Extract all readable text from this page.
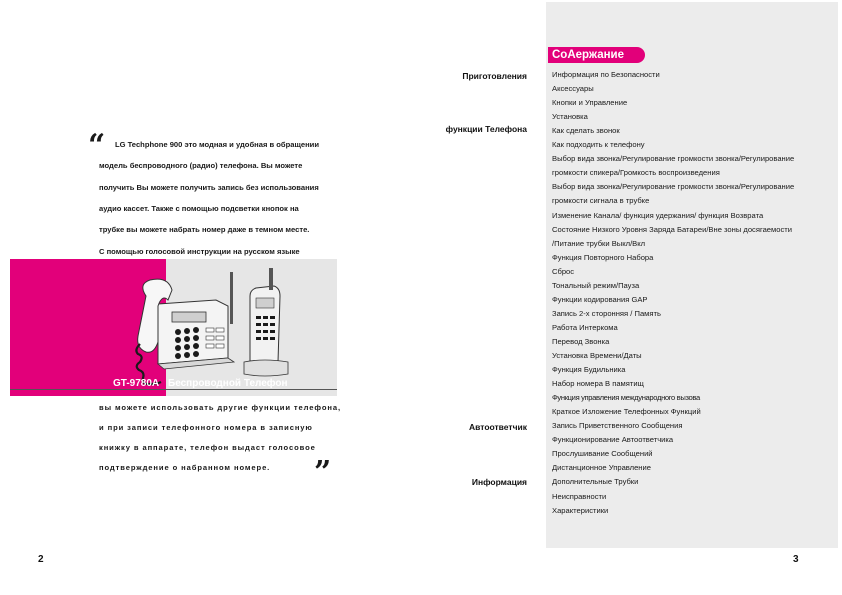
“ LG Techphone 900 это модная и удобная в обращении
модель беспроводного (радио) телефона. Вы можете
получить Вы можете получить запись без использования
аудио кассет. Также с помощью подсветки кнопок на
трубке вы можете набрать номер даже в темном месте.
С помощью голосовой инструкции на русском языке
GT-9780A Беспроводной Телефон
вы можете использовать другие функции телефона,
и при записи телефонного номера в записную
книжку в аппарате, телефон выдаст голосовое
подтверждение о набранном номере. ”
2
СоАержание
Приготовления
функции Телефона
Автоответчик
Информация
Информация по Безопасности
Аксессуары
Кнопки и Управление
Установка
Как сделать звонок
Как подходить к телефону
Выбор вида звонка/Регулирование громкости звонка/Регулирование
громкости спикера/Громкость воспроизведения
Выбор вида звонка/Регулирование громкости звонка/Регулирование
громкости сигнала в трубке
Изменение Канала/ функция удержания/ функция Возврата
Состояние Низкого Уровня Заряда Батареи/Вне зоны досягаемости
/Питание трубки Выкл/Вкл
Функция Повторного Набора
Сброс
Тональный режим/Пауза
Функции кодирования GAP
Запись 2-х сторонняя / Память
Работа Интеркома
Перевод Звонка
Установка Времени/Даты
Функция Будильника
Набор номера В памятищ
Функция управления международного вызова
Краткое Изложение Телефонных Функций
Запись Приветственного Сообщения
Функционирование Автоответчика
Прослушивание Сообщений
Дистанционное Управление
Дополнительные Трубки
Неисправности
Характеристики
3
